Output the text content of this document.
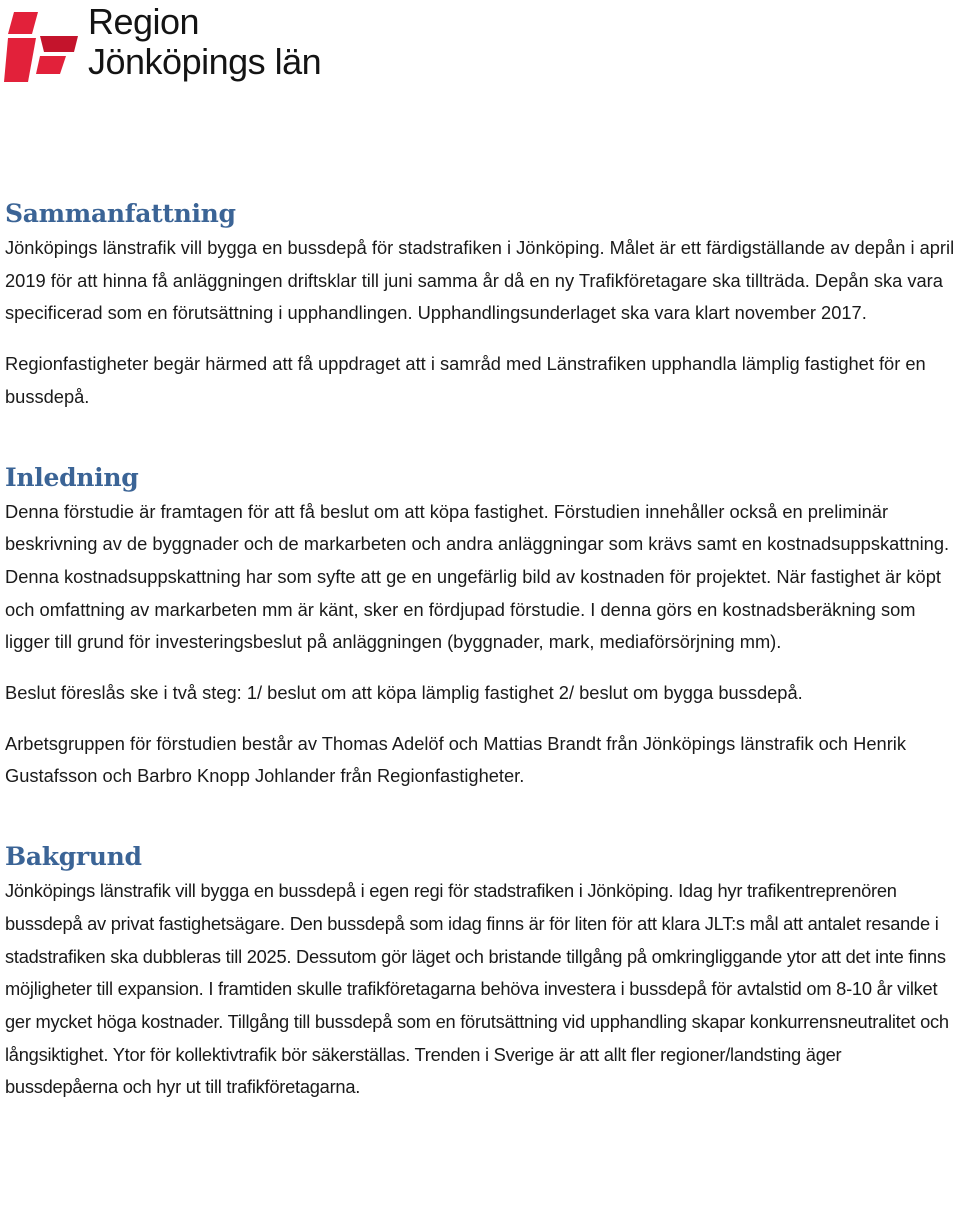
Region
Jönköpings län
Sammanfattning

Jönköpings länstrafik vill bygga en bussdepå för stadstrafiken i Jönköping. Målet är ett färdigställande av depån i april 2019 för att hinna få anläggningen driftsklar till juni samma år då en ny Trafikföretagare ska tillträda. Depån ska vara specificerad som en förutsättning i upphandlingen. Upphandlingsunderlaget ska vara klart november 2017.

Regionfastigheter begär härmed att få uppdraget att i samråd med Länstrafiken upphandla lämplig fastighet för en bussdepå.

Inledning

Denna förstudie är framtagen för att få beslut om att köpa fastighet. Förstudien innehåller också en preliminär beskrivning av de byggnader och de markarbeten och andra anläggningar som krävs samt en kostnadsuppskattning. Denna kostnadsuppskattning har som syfte att ge en ungefärlig bild av kostnaden för projektet. När fastighet är köpt och omfattning av markarbeten mm är känt, sker en fördjupad förstudie. I denna görs en kostnadsberäkning som ligger till grund för investeringsbeslut på anläggningen (byggnader, mark, mediaförsörjning mm).

Beslut föreslås ske i två steg: 1/ beslut om att köpa lämplig fastighet 2/ beslut om bygga bussdepå.

Arbetsgruppen för förstudien består av Thomas Adelöf och Mattias Brandt från Jönköpings länstrafik och Henrik Gustafsson och Barbro Knopp Johlander från Regionfastigheter.

Bakgrund

Jönköpings länstrafik vill bygga en bussdepå i egen regi för stadstrafiken i Jönköping. Idag hyr trafikentreprenören bussdepå av privat fastighetsägare. Den bussdepå som idag finns är för liten för att klara JLT:s mål att antalet resande i stadstrafiken ska dubbleras till 2025. Dessutom gör läget och bristande tillgång på omkringliggande ytor att det inte finns möjligheter till expansion. I framtiden skulle trafikföretagarna behöva investera i bussdepå för avtalstid om 8-10 år vilket ger mycket höga kostnader. Tillgång till bussdepå som en förutsättning vid upphandling skapar konkurrensneutralitet och långsiktighet. Ytor för kollektivtrafik bör säkerställas. Trenden i Sverige är att allt fler regioner/landsting äger bussdepåerna och hyr ut till trafikföretagarna.
